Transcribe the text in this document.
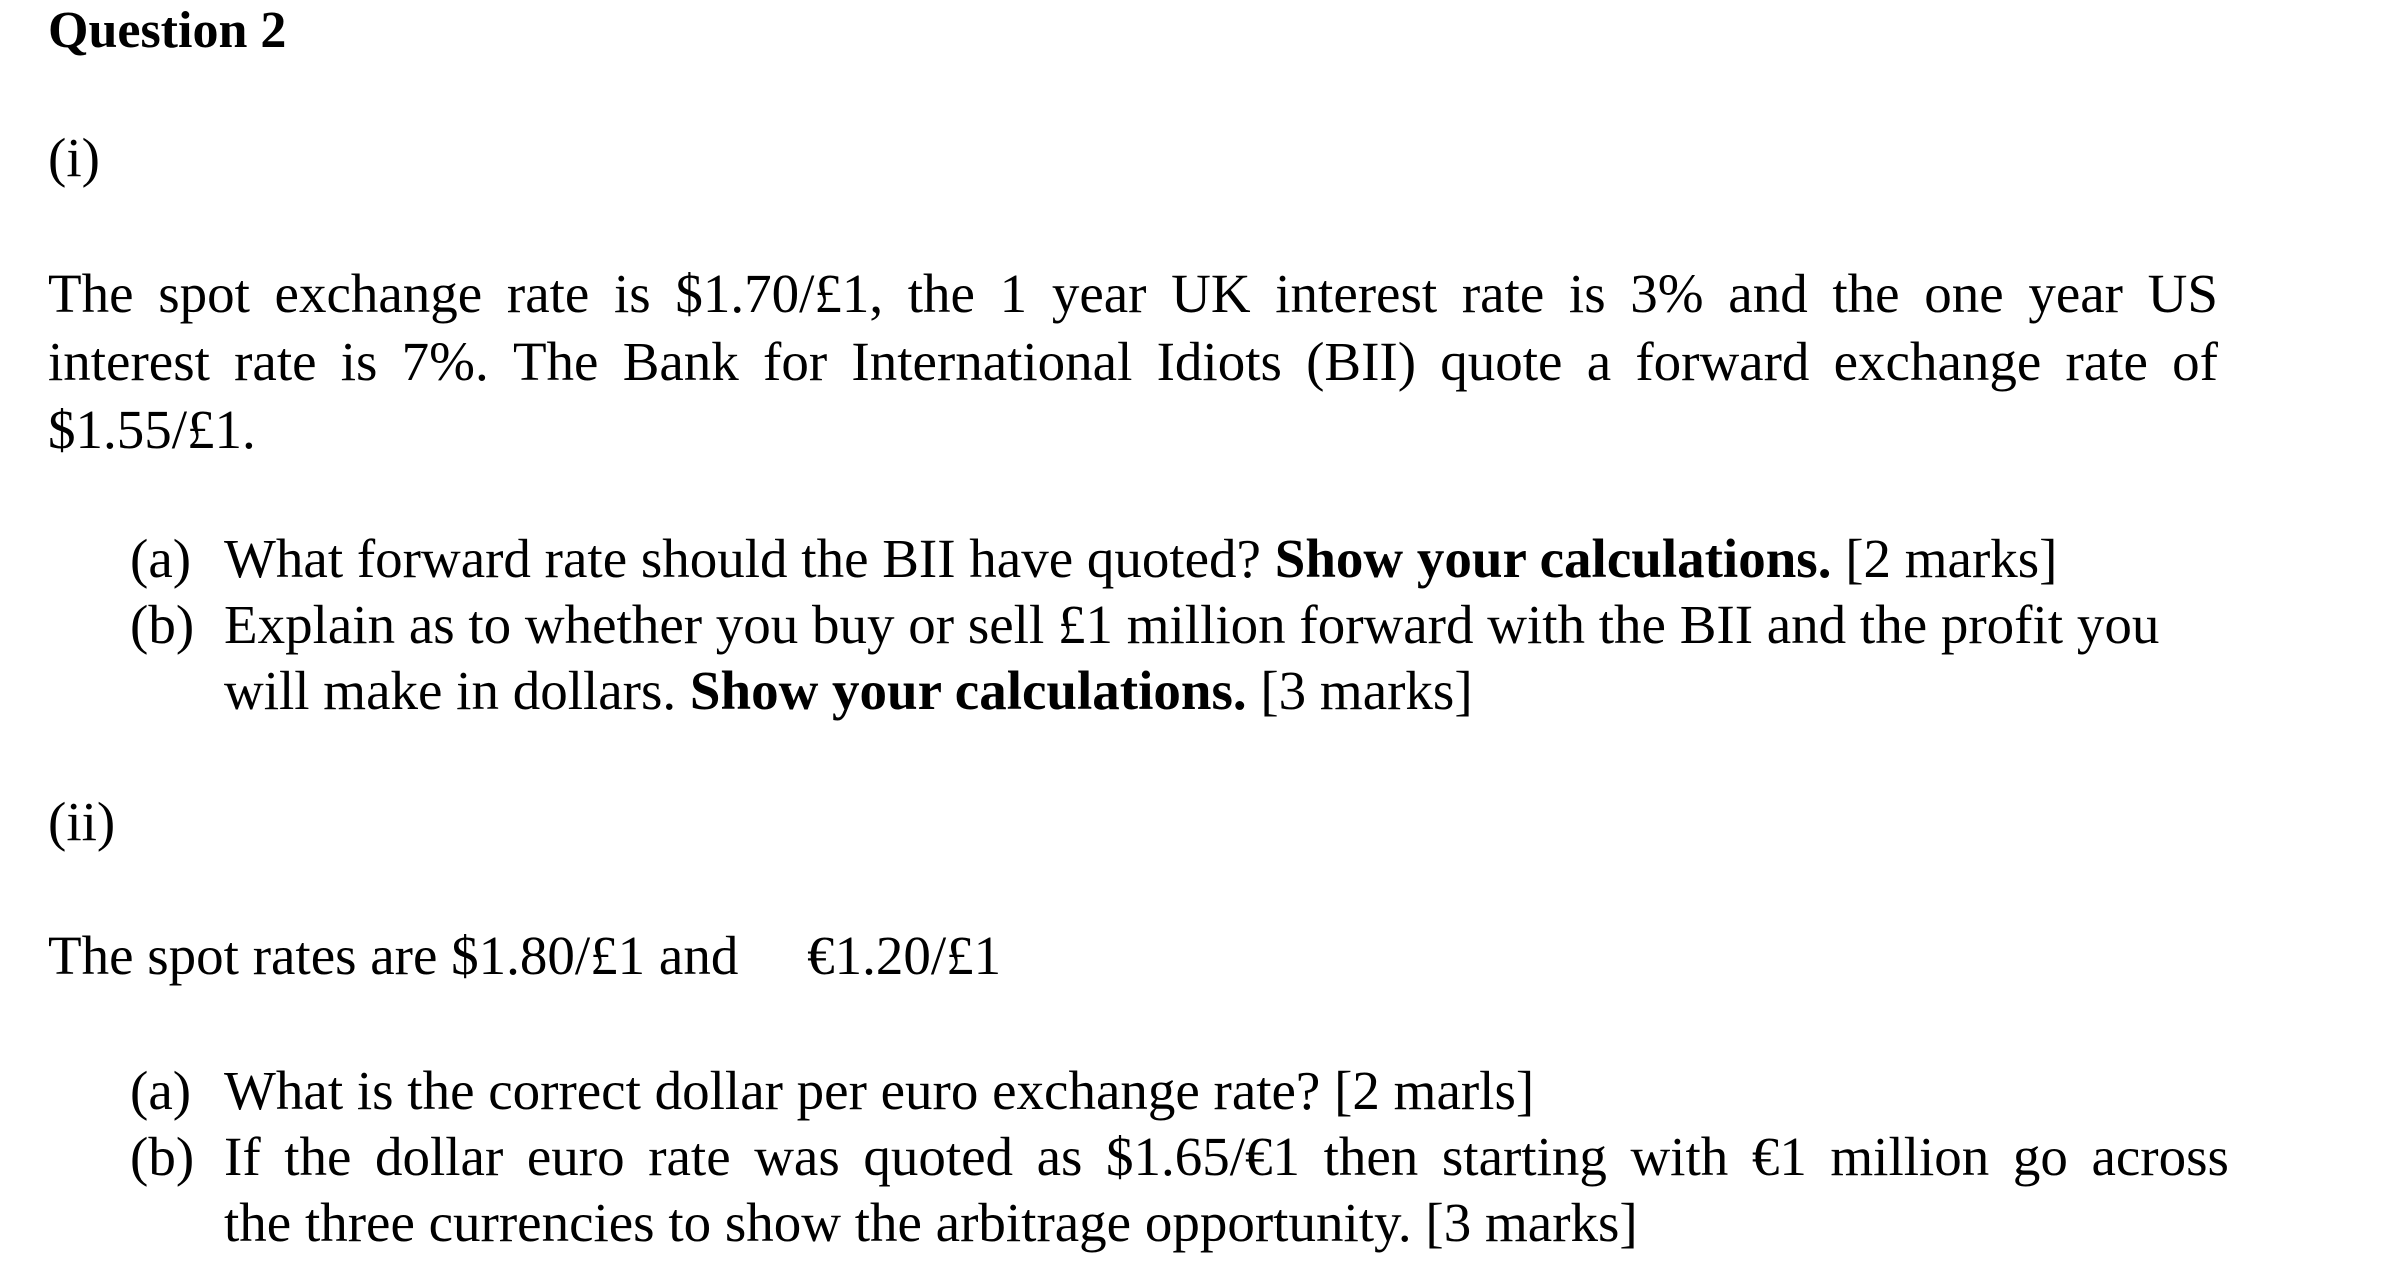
Question 2
(i)
The spot exchange rate is $1.70/£1, the 1 year UK interest rate is 3% and the one year US
interest rate is 7%. The Bank for International Idiots (BII) quote a forward exchange rate of
$1.55/£1.
(a) What forward rate should the BII have quoted? Show your calculations. [2 marks]
(b) Explain as to whether you buy or sell £1 million forward with the BII and the profit you
will make in dollars. Show your calculations. [3 marks]
(ii)
The spot rates are $1.80/£1 and  €1.20/£1
(a) What is the correct dollar per euro exchange rate? [2 marls]
(b) If the dollar euro rate was quoted as $1.65/€1 then starting with €1 million go across
the three currencies to show the arbitrage opportunity. [3 marks]
